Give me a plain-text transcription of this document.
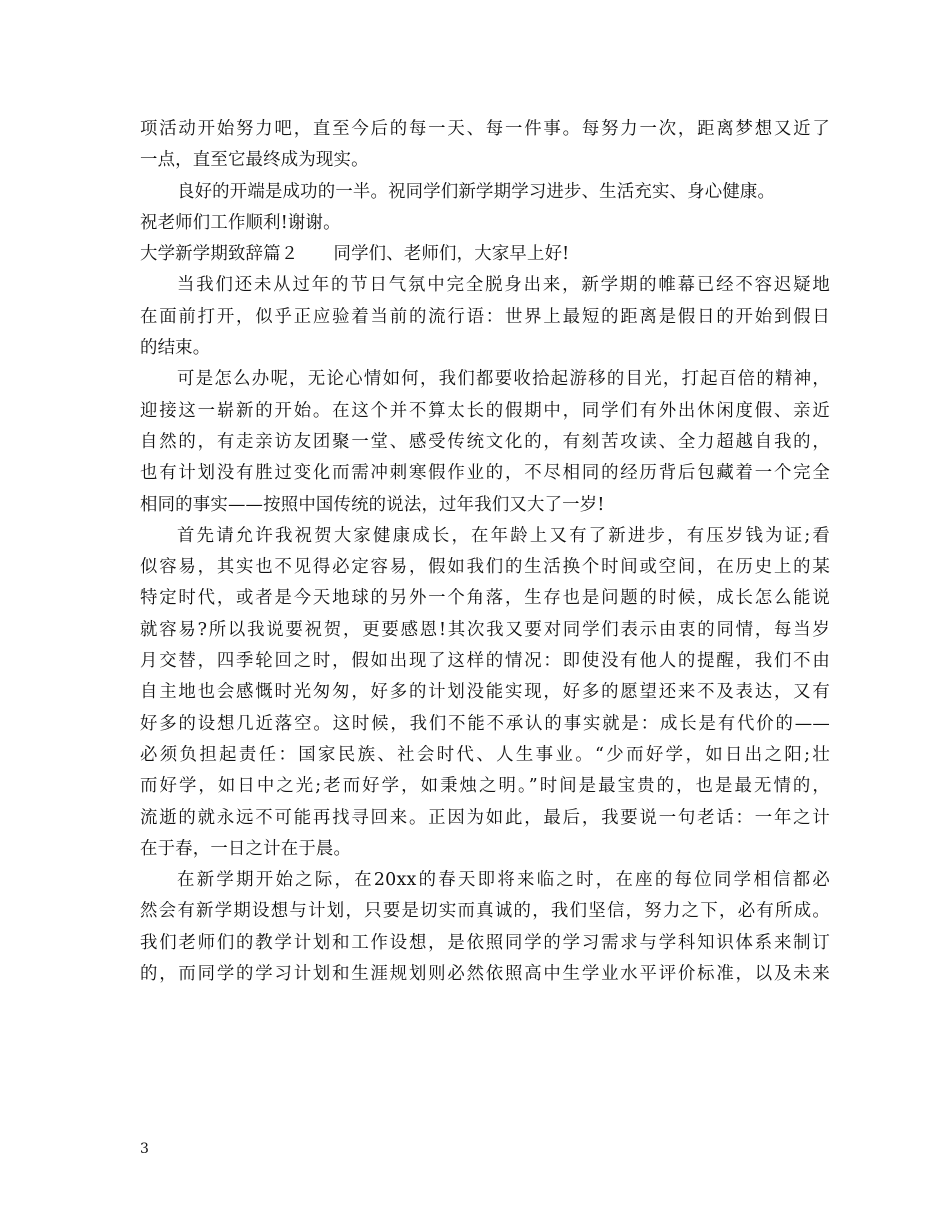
项活动开始努力吧，直至今后的每一天、每一件事。每努力一次，距离梦想又近了
一点，直至它最终成为现实。
良好的开端是成功的一半。祝同学们新学期学习进步、生活充实、身心健康。
祝老师们工作顺利!谢谢。
大学新学期致辞篇２　　同学们、老师们，大家早上好!
当我们还未从过年的节日气氛中完全脱身出来，新学期的帷幕已经不容迟疑地
在面前打开，似乎正应验着当前的流行语：世界上最短的距离是假日的开始到假日
的结束。
可是怎么办呢，无论心情如何，我们都要收拾起游移的目光，打起百倍的精神，
迎接这一崭新的开始。在这个并不算太长的假期中，同学们有外出休闲度假、亲近
自然的，有走亲访友团聚一堂、感受传统文化的，有刻苦攻读、全力超越自我的，
也有计划没有胜过变化而需冲刺寒假作业的，不尽相同的经历背后包藏着一个完全
相同的事实——按照中国传统的说法，过年我们又大了一岁!
首先请允许我祝贺大家健康成长，在年龄上又有了新进步，有压岁钱为证;看
似容易，其实也不见得必定容易，假如我们的生活换个时间或空间，在历史上的某
特定时代，或者是今天地球的另外一个角落，生存也是问题的时候，成长怎么能说
就容易?所以我说要祝贺，更要感恩!其次我又要对同学们表示由衷的同情，每当岁
月交替，四季轮回之时，假如出现了这样的情况：即使没有他人的提醒，我们不由
自主地也会感慨时光匆匆，好多的计划没能实现，好多的愿望还来不及表达，又有
好多的设想几近落空。这时候，我们不能不承认的事实就是：成长是有代价的——
必须负担起责任：国家民族、社会时代、人生事业。“少而好学，如日出之阳;壮
而好学，如日中之光;老而好学，如秉烛之明。”时间是最宝贵的，也是最无情的，
流逝的就永远不可能再找寻回来。正因为如此，最后，我要说一句老话：一年之计
在于春，一日之计在于晨。
在新学期开始之际，在20xx的春天即将来临之时，在座的每位同学相信都必
然会有新学期设想与计划，只要是切实而真诚的，我们坚信，努力之下，必有所成。
我们老师们的教学计划和工作设想，是依照同学的学习需求与学科知识体系来制订
的，而同学的学习计划和生涯规划则必然依照高中生学业水平评价标准，以及未来
3
